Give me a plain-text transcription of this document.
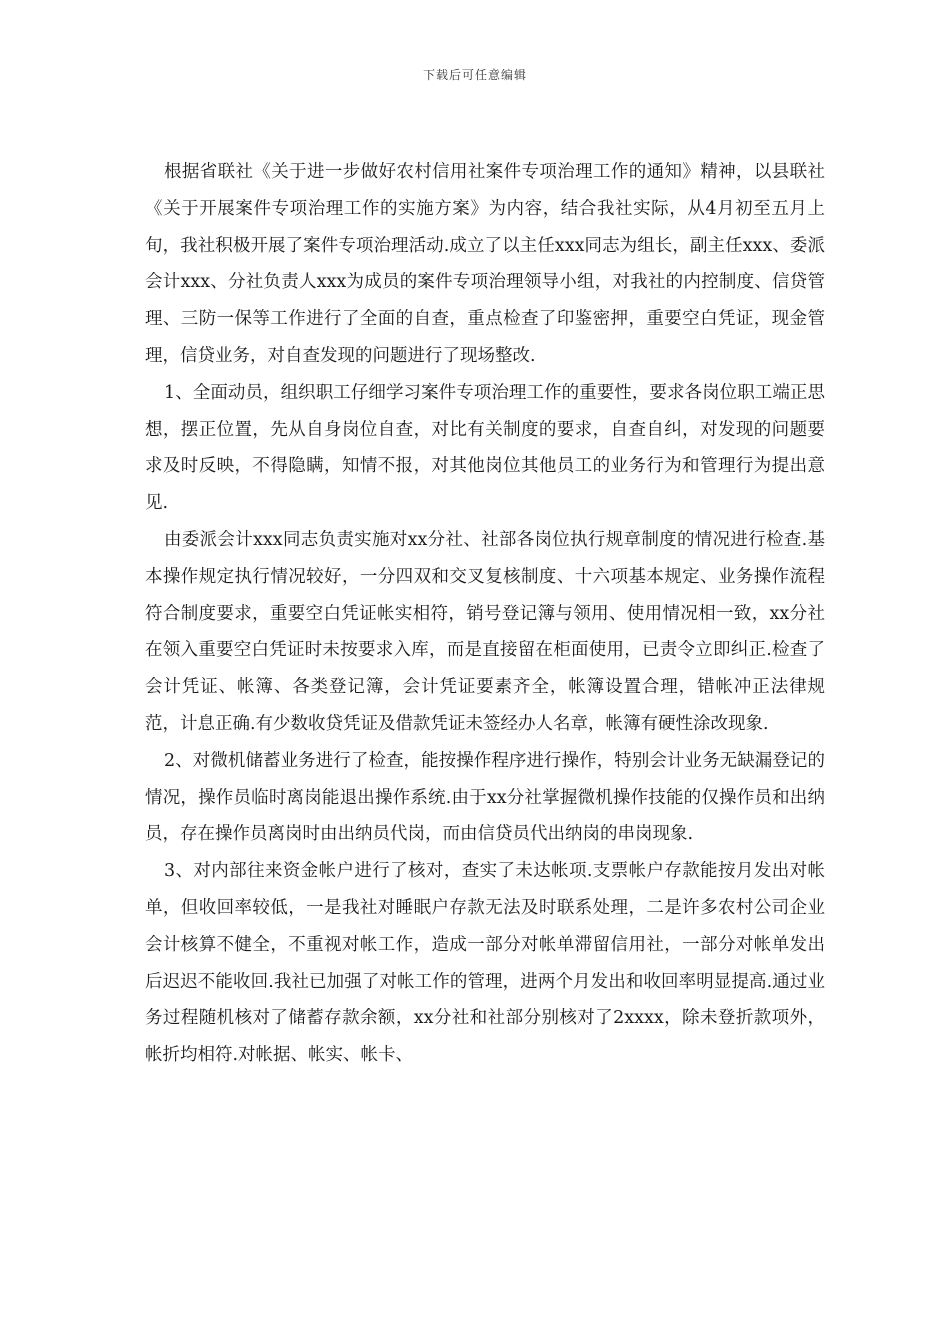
下载后可任意编辑

根据省联社《关于进一步做好农村信用社案件专项治理工作的通知》精神，以县联社《关于开展案件专项治理工作的实施方案》为内容，结合我社实际，从4月初至五月上旬，我社积极开展了案件专项治理活动.成立了以主任xxx同志为组长，副主任xxx、委派会计xxx、分社负责人xxx为成员的案件专项治理领导小组，对我社的内控制度、信贷管理、三防一保等工作进行了全面的自查，重点检查了印鉴密押，重要空白凭证，现金管理，信贷业务，对自查发现的问题进行了现场整改.

1、全面动员，组织职工仔细学习案件专项治理工作的重要性，要求各岗位职工端正思想，摆正位置，先从自身岗位自查，对比有关制度的要求，自查自纠，对发现的问题要求及时反映，不得隐瞒，知情不报，对其他岗位其他员工的业务行为和管理行为提出意见.

由委派会计xxx同志负责实施对xx分社、社部各岗位执行规章制度的情况进行检查.基本操作规定执行情况较好，一分四双和交叉复核制度、十六项基本规定、业务操作流程符合制度要求，重要空白凭证帐实相符，销号登记簿与领用、使用情况相一致，xx分社在领入重要空白凭证时未按要求入库，而是直接留在柜面使用，已责令立即纠正.检查了会计凭证、帐簿、各类登记簿，会计凭证要素齐全，帐簿设置合理，错帐冲正法律规范，计息正确.有少数收贷凭证及借款凭证未签经办人名章，帐簿有硬性涂改现象.

2、对微机储蓄业务进行了检查，能按操作程序进行操作，特别会计业务无缺漏登记的情况，操作员临时离岗能退出操作系统.由于xx分社掌握微机操作技能的仅操作员和出纳员，存在操作员离岗时由出纳员代岗，而由信贷员代出纳岗的串岗现象.

3、对内部往来资金帐户进行了核对，查实了未达帐项.支票帐户存款能按月发出对帐单，但收回率较低，一是我社对睡眠户存款无法及时联系处理，二是许多农村公司企业会计核算不健全，不重视对帐工作，造成一部分对帐单滞留信用社，一部分对帐单发出后迟迟不能收回.我社已加强了对帐工作的管理，进两个月发出和收回率明显提高.通过业务过程随机核对了储蓄存款余额，xx分社和社部分别核对了2xxxx，除未登折款项外，帐折均相符.对帐据、帐实、帐卡、
